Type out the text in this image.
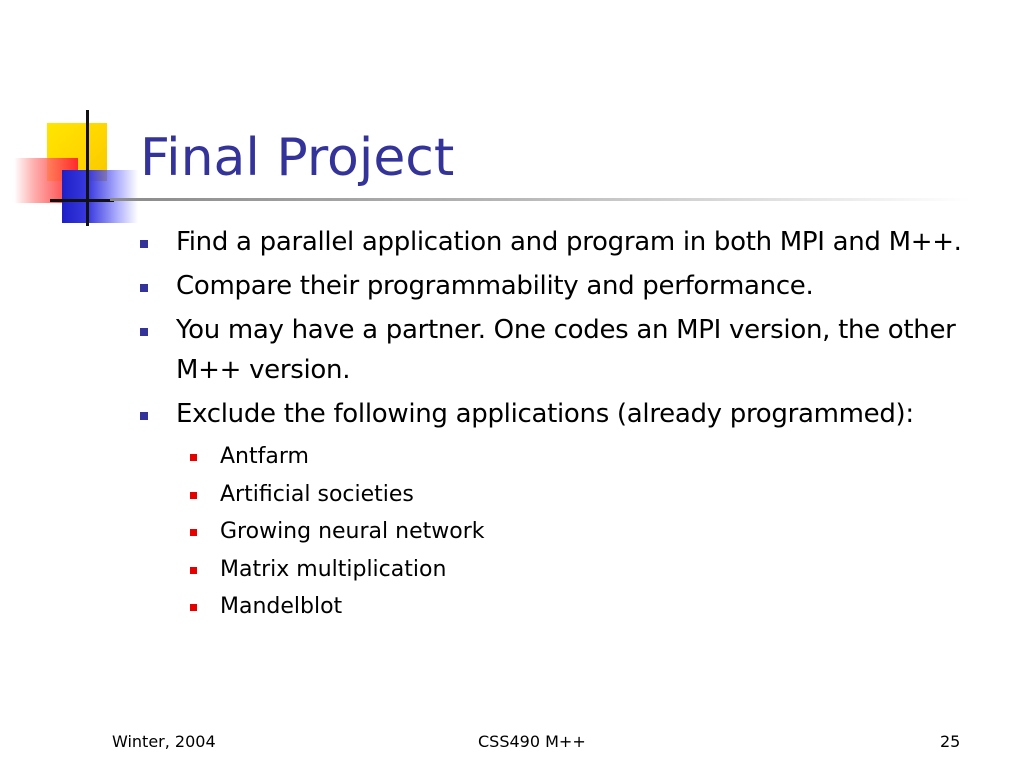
Final Project
Find a parallel application and program in both MPI and M++.
Compare their programmability and performance.
You may have a partner. One codes an MPI version, the other M++ version.
Exclude the following applications (already programmed):
Antfarm
Artificial societies
Growing neural network
Matrix multiplication
Mandelblot
Winter, 2004	CSS490 M++	25
